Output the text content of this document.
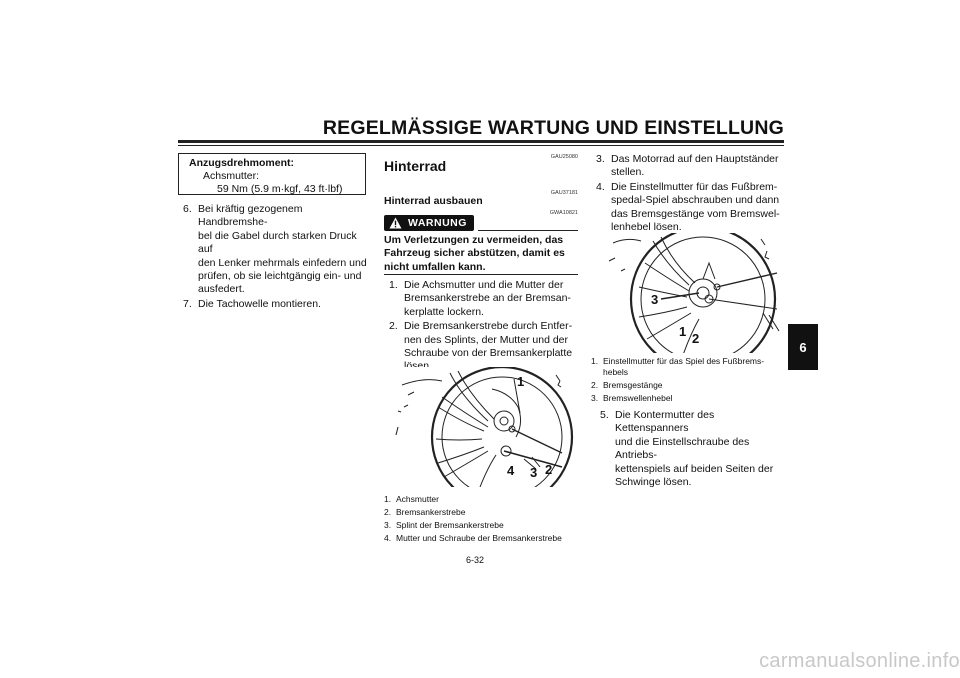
REGELMÄSSIGE WARTUNG UND EINSTELLUNG
Anzugsdrehmoment:
Achsmutter:
59 Nm (5.9 m·kgf, 43 ft·lbf)
6. Bei kräftig gezogenem Handbremshe-
bel die Gabel durch starken Druck auf
den Lenker mehrmals einfedern und
prüfen, ob sie leichtgängig ein- und
ausfedert.
7. Die Tachowelle montieren.
GAU25080
Hinterrad
GAU37181
Hinterrad ausbauen
GWA10821
WARNUNG
Um Verletzungen zu vermeiden, das
Fahrzeug sicher abstützen, damit es
nicht umfallen kann.
1. Die Achsmutter und die Mutter der
Bremsankerstrebe an der Bremsan-
kerplatte lockern.
2. Die Bremsankerstrebe durch Entfer-
nen des Splints, der Mutter und der
Schraube von der Bremsankerplatte
1
4 3 2
1. Achsmutter
2. Bremsankerstrebe
3. Splint der Bremsankerstrebe
4. Mutter und Schraube der Bremsankerstrebe
3. Das Motorrad auf den Hauptständer
stellen.
4. Die Einstellmutter für das Fußbrem-
spedal-Spiel abschrauben und dann
das Bremsgestänge vom Bremswel-
lenhebel lösen.
3
1 2
1. Einstellmutter für das Spiel des Fußbrems-
hebels
2. Bremsgestänge
3. Bremswellenhebel
5. Die Kontermutter des Kettenspanners
und die Einstellschraube des Antriebs-
kettenspiels auf beiden Seiten der
Schwinge lösen.
6-32
6
carmanualsonline.info
